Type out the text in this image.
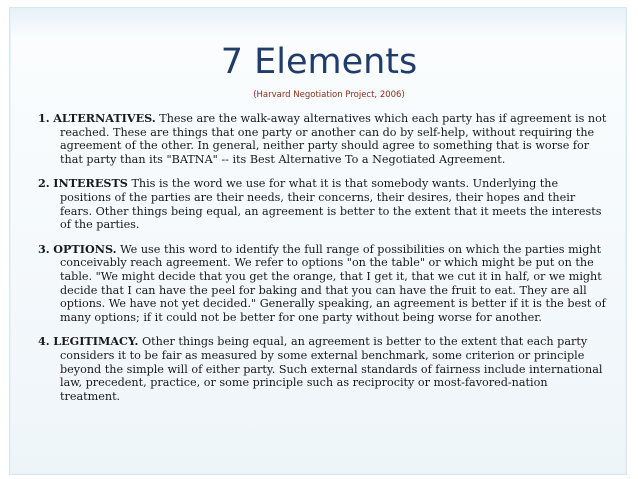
7 Elements
(Harvard Negotiation Project, 2006)

1. ALTERNATIVES. These are the walk-away alternatives which each party has if agreement is not reached. These are things that one party or another can do by self-help, without requiring the agreement of the other. In general, neither party should agree to something that is worse for that party than its "BATNA" -- its Best Alternative To a Negotiated Agreement.

2. INTERESTS This is the word we use for what it is that somebody wants. Underlying the positions of the parties are their needs, their concerns, their desires, their hopes and their fears. Other things being equal, an agreement is better to the extent that it meets the interests of the parties.

3. OPTIONS. We use this word to identify the full range of possibilities on which the parties might conceivably reach agreement. We refer to options "on the table" or which might be put on the table. "We might decide that you get the orange, that I get it, that we cut it in half, or we might decide that I can have the peel for baking and that you can have the fruit to eat. They are all options. We have not yet decided." Generally speaking, an agreement is better if it is the best of many options; if it could not be better for one party without being worse for another.

4. LEGITIMACY. Other things being equal, an agreement is better to the extent that each party considers it to be fair as measured by some external benchmark, some criterion or principle beyond the simple will of either party. Such external standards of fairness include international law, precedent, practice, or some principle such as reciprocity or most-favored-nation treatment.
